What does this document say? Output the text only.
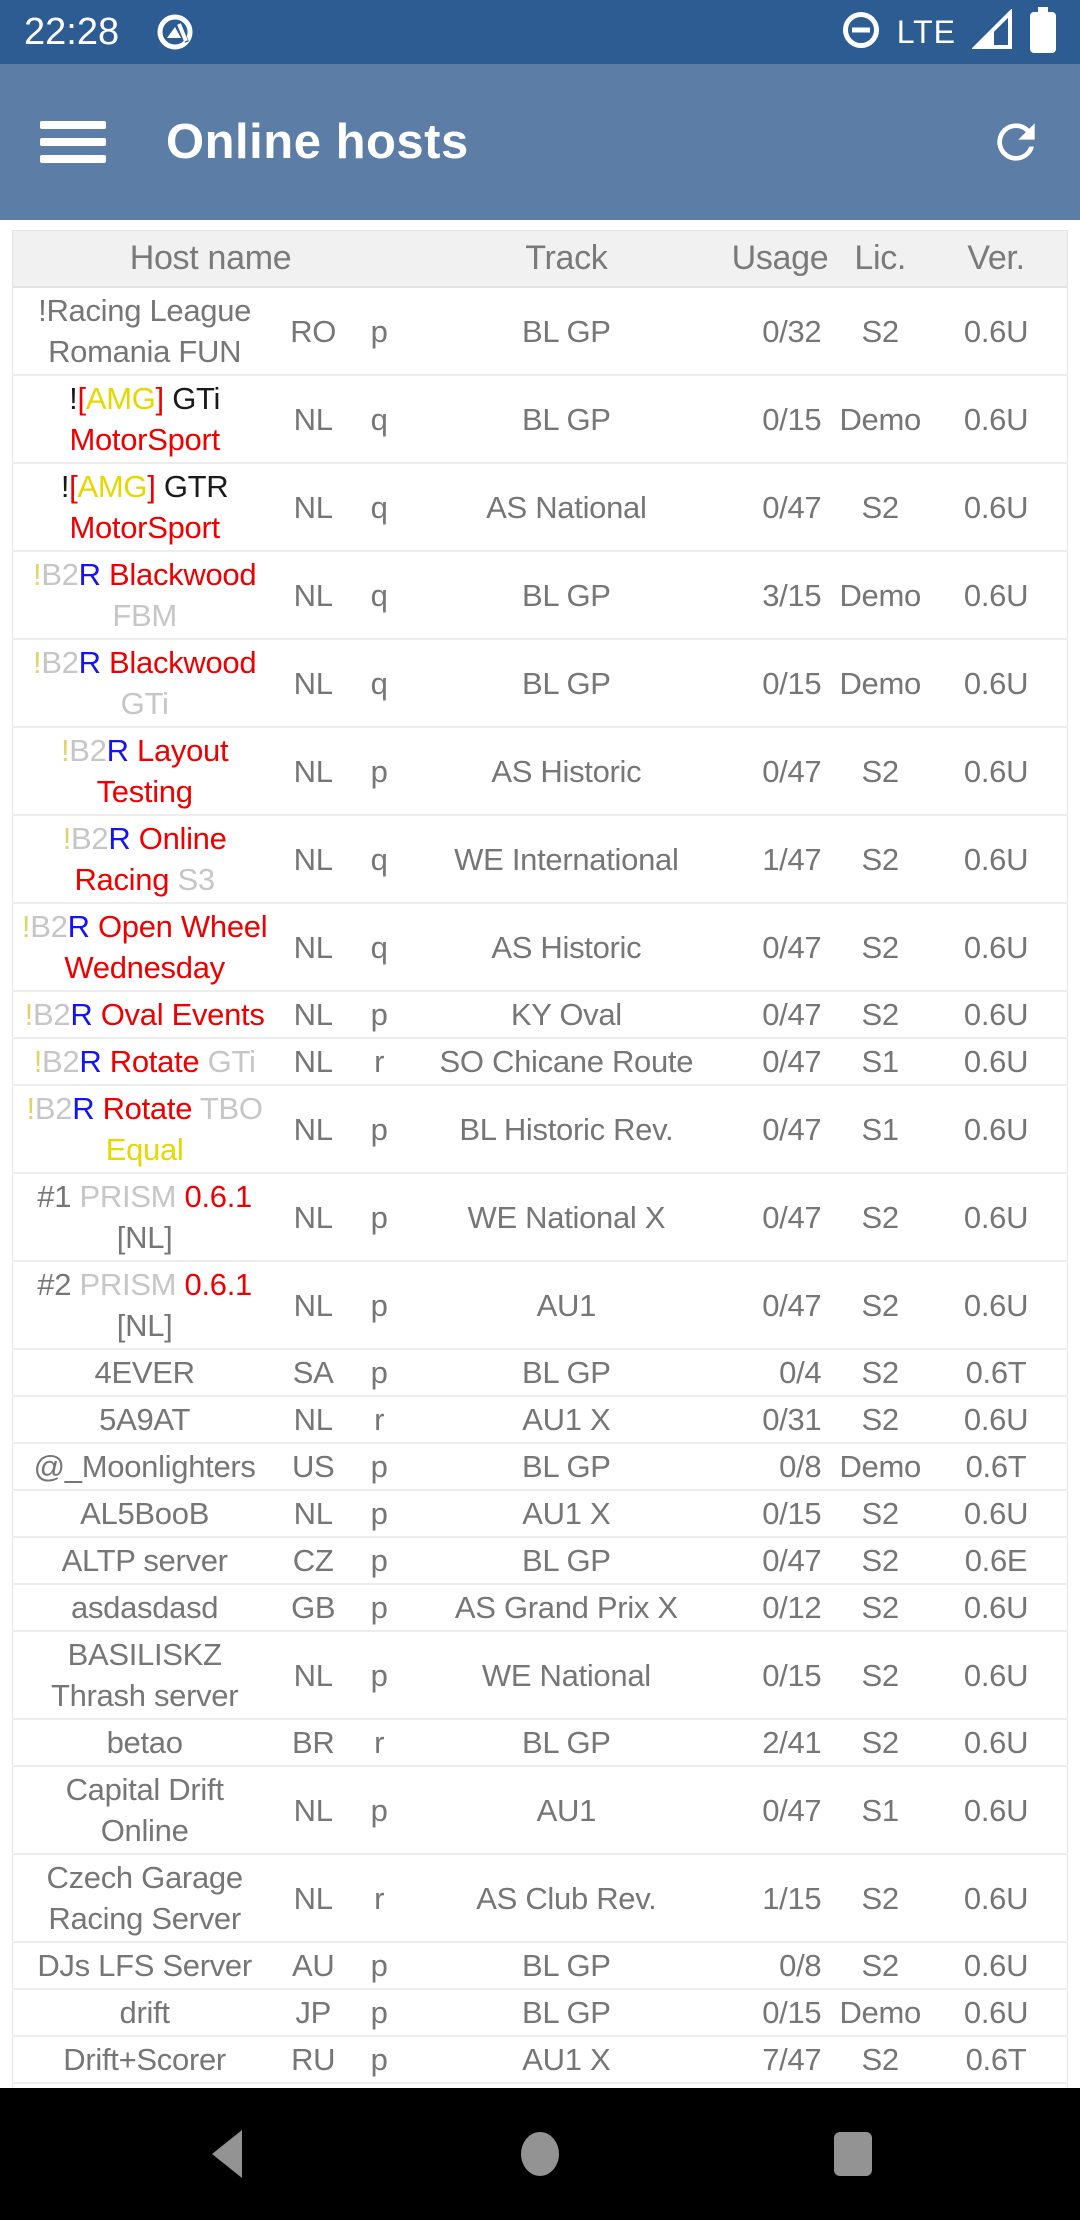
22:28	LTE
Online hosts
Host name			Track	Usage	Lic.	Ver.
!Racing League Romania FUN	RO	p	BL GP	0/32	S2	0.6U
![AMG] GTi MotorSport	NL	q	BL GP	0/15	Demo	0.6U
![AMG] GTR MotorSport	NL	q	AS National	0/47	S2	0.6U
!B2R Blackwood FBM	NL	q	BL GP	3/15	Demo	0.6U
!B2R Blackwood GTi	NL	q	BL GP	0/15	Demo	0.6U
!B2R Layout Testing	NL	p	AS Historic	0/47	S2	0.6U
!B2R Online Racing S3	NL	q	WE International	1/47	S2	0.6U
!B2R Open Wheel Wednesday	NL	q	AS Historic	0/47	S2	0.6U
!B2R Oval Events	NL	p	KY Oval	0/47	S2	0.6U
!B2R Rotate GTi	NL	r	SO Chicane Route	0/47	S1	0.6U
!B2R Rotate TBO Equal	NL	p	BL Historic Rev.	0/47	S1	0.6U
#1 PRISM 0.6.1 [NL]	NL	p	WE National X	0/47	S2	0.6U
#2 PRISM 0.6.1 [NL]	NL	p	AU1	0/47	S2	0.6U
4EVER	SA	p	BL GP	0/4	S2	0.6T
5A9AT	NL	r	AU1 X	0/31	S2	0.6U
@_Moonlighters	US	p	BL GP	0/8	Demo	0.6T
AL5BooB	NL	p	AU1 X	0/15	S2	0.6U
ALTP server	CZ	p	BL GP	0/47	S2	0.6E
asdasdasd	GB	p	AS Grand Prix X	0/12	S2	0.6U
BASILISKZ Thrash server	NL	p	WE National	0/15	S2	0.6U
betao	BR	r	BL GP	2/41	S2	0.6U
Capital Drift Online	NL	p	AU1	0/47	S1	0.6U
Czech Garage Racing Server	NL	r	AS Club Rev.	1/15	S2	0.6U
DJs LFS Server	AU	p	BL GP	0/8	S2	0.6U
drift	JP	p	BL GP	0/15	Demo	0.6U
Drift+Scorer	RU	p	AU1 X	7/47	S2	0.6T
